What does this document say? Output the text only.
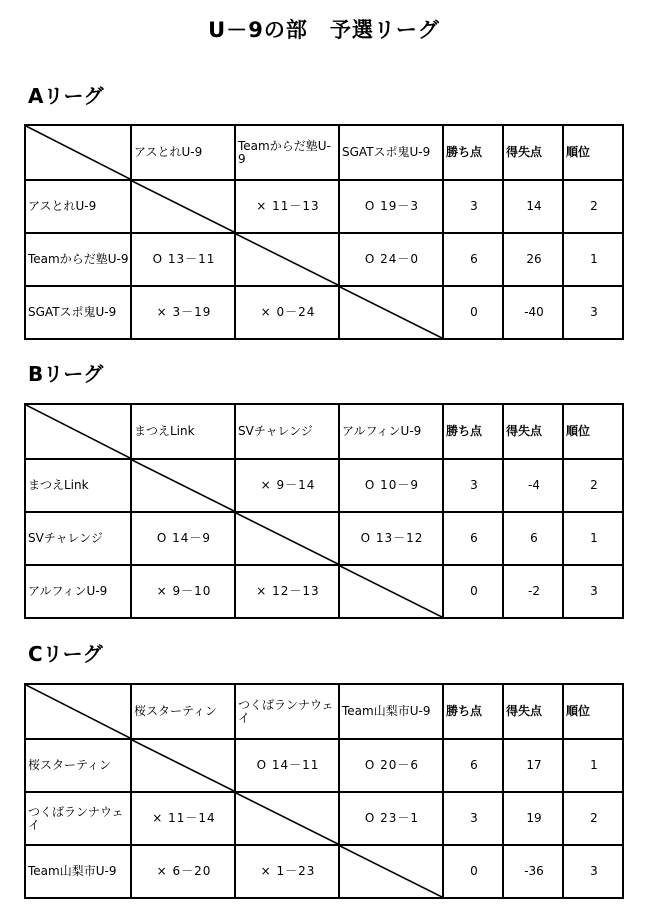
U－9の部　予選リーグ
Aリーグ
	アスとれU-9	Teamからだ塾U-9	SGATスポ鬼U-9	勝ち点	得失点	順位
アスとれU-9		× 11－13	O 19－3	3	14	2
Teamからだ塾U-9	O 13－11		O 24－0	6	26	1
SGATスポ鬼U-9	× 3－19	× 0－24		0	-40	3
Bリーグ
	まつえLink	SVチャレンジ	アルフィンU-9	勝ち点	得失点	順位
まつえLink		× 9－14	O 10－9	3	-4	2
SVチャレンジ	O 14－9		O 13－12	6	6	1
アルフィンU-9	× 9－10	× 12－13		0	-2	3
Cリーグ
	桜スターティン	つくばランナウェイ	Team山梨市U-9	勝ち点	得失点	順位
桜スターティン		O 14－11	O 20－6	6	17	1
つくばランナウェイ	× 11－14		O 23－1	3	19	2
Team山梨市U-9	× 6－20	× 1－23		0	-36	3
